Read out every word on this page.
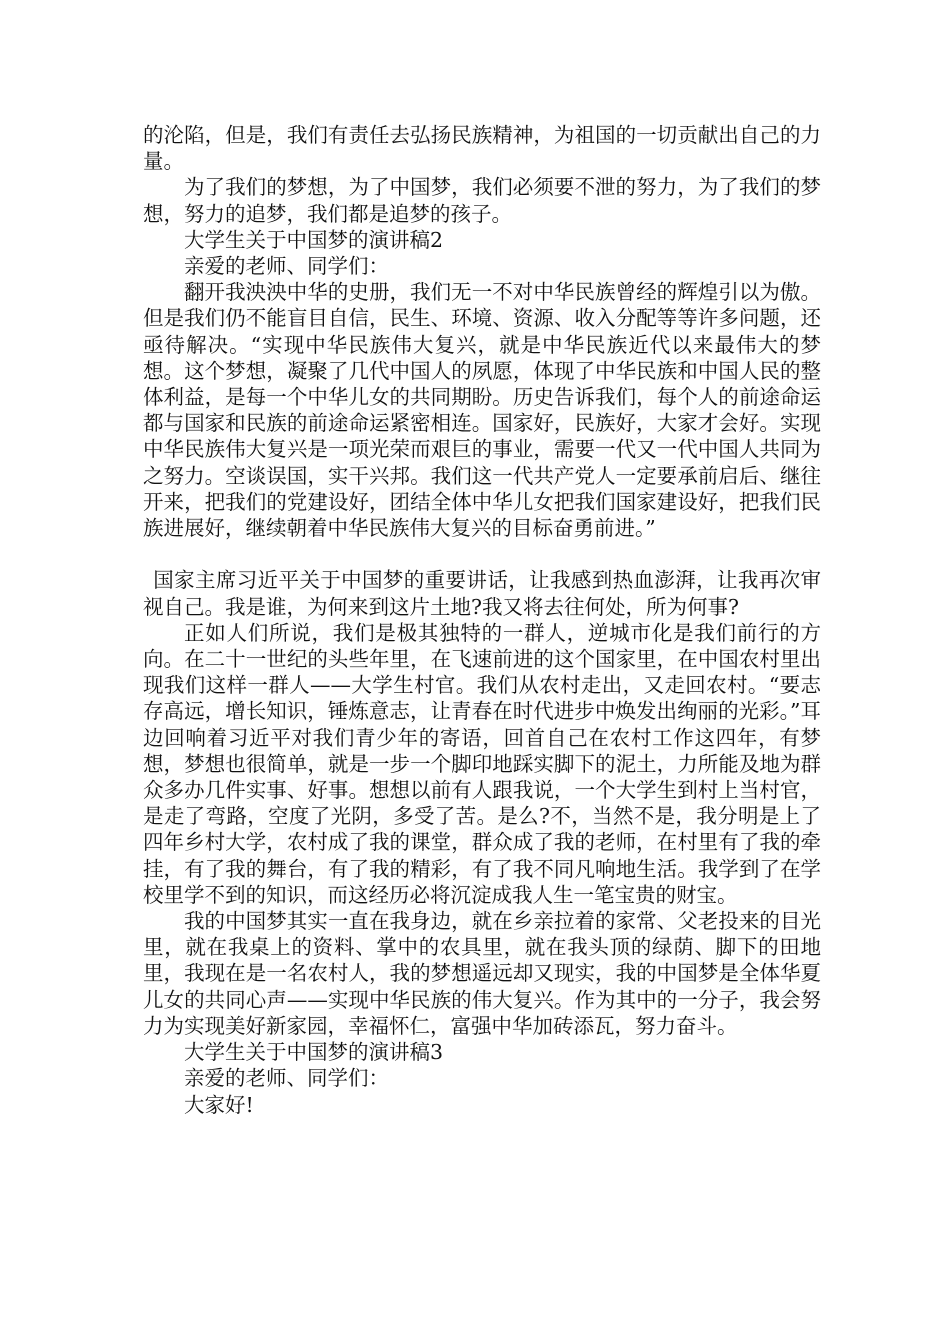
的沦陷，但是，我们有责任去弘扬民族精神，为祖国的一切贡献出自己的力量。

为了我们的梦想，为了中国梦，我们必须要不泄的努力，为了我们的梦想，努力的追梦，我们都是追梦的孩子。

大学生关于中国梦的演讲稿2

亲爱的老师、同学们：

翻开我泱泱中华的史册，我们无一不对中华民族曾经的辉煌引以为傲。但是我们仍不能盲目自信，民生、环境、资源、收入分配等等许多问题，还亟待解决。“实现中华民族伟大复兴，就是中华民族近代以来最伟大的梦想。这个梦想，凝聚了几代中国人的夙愿，体现了中华民族和中国人民的整体利益，是每一个中华儿女的共同期盼。历史告诉我们，每个人的前途命运都与国家和民族的前途命运紧密相连。国家好，民族好，大家才会好。实现中华民族伟大复兴是一项光荣而艰巨的事业，需要一代又一代中国人共同为之努力。空谈误国，实干兴邦。我们这一代共产党人一定要承前启后、继往开来，把我们的党建设好，团结全体中华儿女把我们国家建设好，把我们民族进展好，继续朝着中华民族伟大复兴的目标奋勇前进。”

国家主席习近平关于中国梦的重要讲话，让我感到热血澎湃，让我再次审视自己。我是谁，为何来到这片土地?我又将去往何处，所为何事?

正如人们所说，我们是极其独特的一群人，逆城市化是我们前行的方向。在二十一世纪的头些年里，在飞速前进的这个国家里，在中国农村里出现我们这样一群人——大学生村官。我们从农村走出，又走回农村。“要志存高远，增长知识，锤炼意志，让青春在时代进步中焕发出绚丽的光彩。”耳边回响着习近平对我们青少年的寄语，回首自己在农村工作这四年，有梦想，梦想也很简单，就是一步一个脚印地踩实脚下的泥土，力所能及地为群众多办几件实事、好事。想想以前有人跟我说，一个大学生到村上当村官，是走了弯路，空度了光阴，多受了苦。是么?不，当然不是，我分明是上了四年乡村大学，农村成了我的课堂，群众成了我的老师，在村里有了我的牵挂，有了我的舞台，有了我的精彩，有了我不同凡响地生活。我学到了在学校里学不到的知识，而这经历必将沉淀成我人生一笔宝贵的财宝。

我的中国梦其实一直在我身边，就在乡亲拉着的家常、父老投来的目光里，就在我桌上的资料、掌中的农具里，就在我头顶的绿荫、脚下的田地里，我现在是一名农村人，我的梦想遥远却又现实，我的中国梦是全体华夏儿女的共同心声——实现中华民族的伟大复兴。作为其中的一分子，我会努力为实现美好新家园，幸福怀仁，富强中华加砖添瓦，努力奋斗。

大学生关于中国梦的演讲稿3

亲爱的老师、同学们：

大家好!
